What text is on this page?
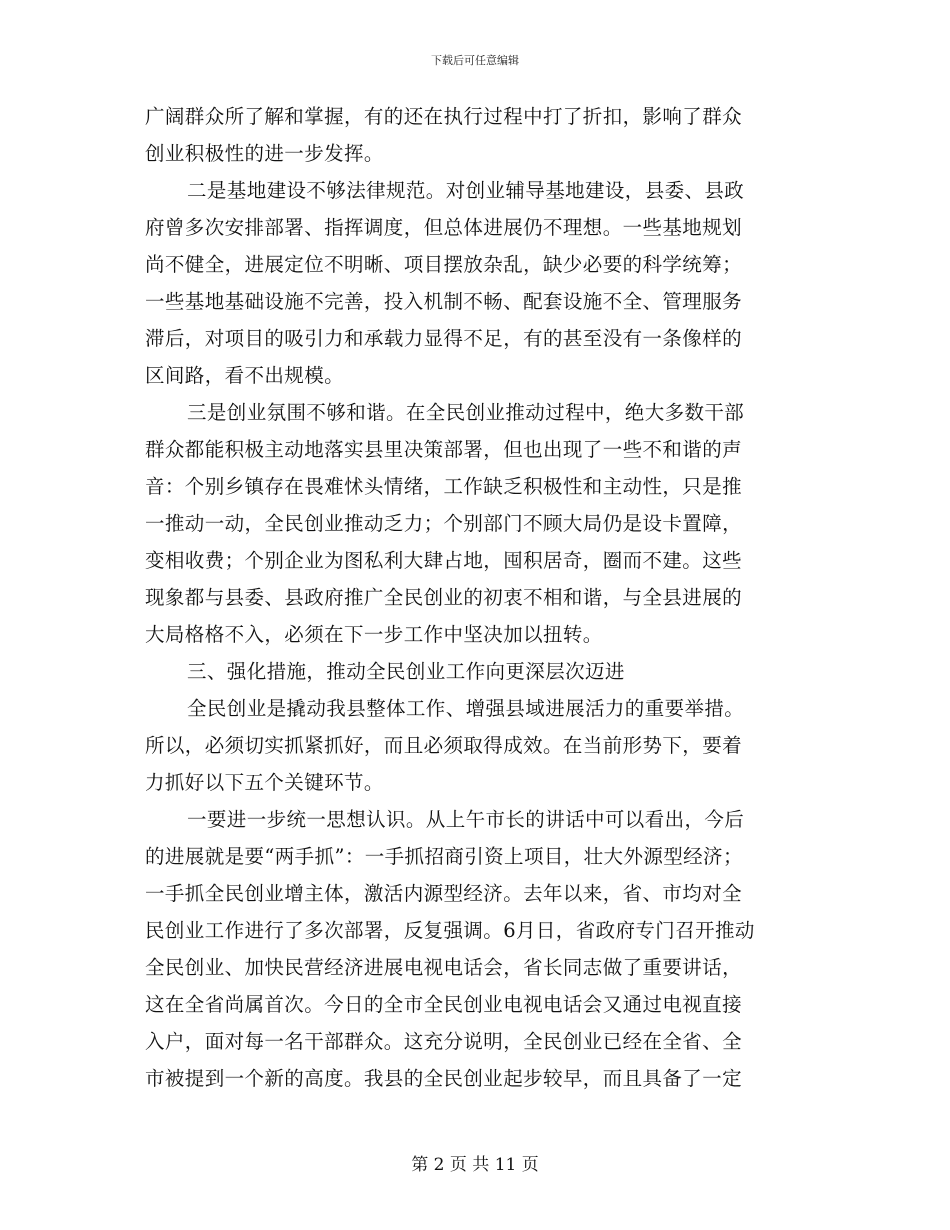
下载后可任意编辑
广阔群众所了解和掌握，有的还在执行过程中打了折扣，影响了群众
创业积极性的进一步发挥。
二是基地建设不够法律规范。对创业辅导基地建设，县委、县政
府曾多次安排部署、指挥调度，但总体进展仍不理想。一些基地规划
尚不健全，进展定位不明晰、项目摆放杂乱，缺少必要的科学统筹；
一些基地基础设施不完善，投入机制不畅、配套设施不全、管理服务
滞后，对项目的吸引力和承载力显得不足，有的甚至没有一条像样的
区间路，看不出规模。
三是创业氛围不够和谐。在全民创业推动过程中，绝大多数干部
群众都能积极主动地落实县里决策部署，但也出现了一些不和谐的声
音：个别乡镇存在畏难怵头情绪，工作缺乏积极性和主动性，只是推
一推动一动，全民创业推动乏力；个别部门不顾大局仍是设卡置障，
变相收费；个别企业为图私利大肆占地，囤积居奇，圈而不建。这些
现象都与县委、县政府推广全民创业的初衷不相和谐，与全县进展的
大局格格不入，必须在下一步工作中坚决加以扭转。
三、强化措施，推动全民创业工作向更深层次迈进
全民创业是撬动我县整体工作、增强县域进展活力的重要举措。
所以，必须切实抓紧抓好，而且必须取得成效。在当前形势下，要着
力抓好以下五个关键环节。
一要进一步统一思想认识。从上午市长的讲话中可以看出，今后
的进展就是要“两手抓”：一手抓招商引资上项目，壮大外源型经济；
一手抓全民创业增主体，激活内源型经济。去年以来，省、市均对全
民创业工作进行了多次部署，反复强调。6月日，省政府专门召开推动
全民创业、加快民营经济进展电视电话会，省长同志做了重要讲话，
这在全省尚属首次。今日的全市全民创业电视电话会又通过电视直接
入户，面对每一名干部群众。这充分说明，全民创业已经在全省、全
市被提到一个新的高度。我县的全民创业起步较早，而且具备了一定
第 2 页 共 11 页
